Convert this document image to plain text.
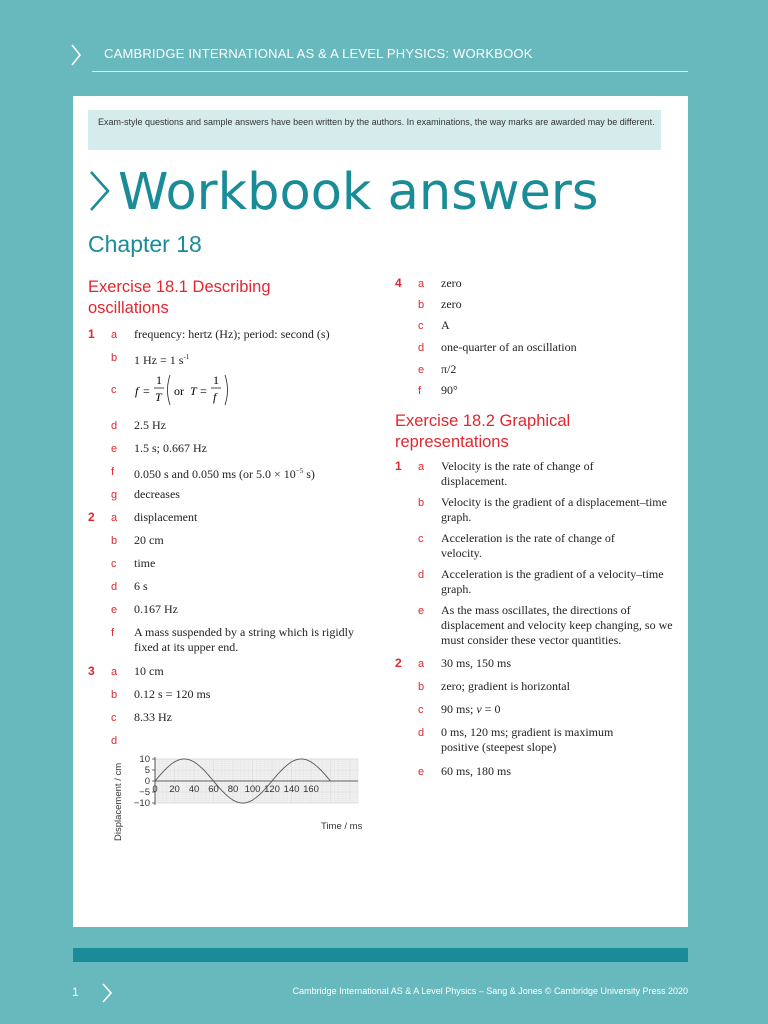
CAMBRIDGE INTERNATIONAL AS & A LEVEL PHYSICS: WORKBOOK
Exam-style questions and sample answers have been written by the authors. In examinations, the way marks are awarded may be different.
Workbook answers
Chapter 18
Exercise 18.1 Describing
oscillations
1 a frequency: hertz (Hz); period: second (s)
b 1 Hz = 1 $s^{-1}$
c f =
1
T or T =
1
f
d 2.5 Hz
e 1.5 s; 0.667 Hz
f 0.050 s and 0.050 ms (or $5.0 \times 10^{-5}$ s)
g decreases
2 a displacement
b 20 cm
c time
d 6 s
e 0.167 Hz
f A mass suspended by a string which is rigidly fixed at its upper end.
3 a 10 cm
b 0.12 s = 120 ms
c 8.33 Hz
d
Displacement / cm	Time / ms
10
5
0
−5
−10
0 20 40 60 80 100 120 140 160
4 a zero
b zero
c A
d one-quarter of an oscillation
e π/2
f 90°
Exercise 18.2 Graphical
representations
1 a Velocity is the rate of change of displacement.
b Velocity is the gradient of a displacement–time graph.
c Acceleration is the rate of change of velocity.
d Acceleration is the gradient of a velocity–time graph.
e As the mass oscillates, the directions of displacement and velocity keep changing, so we must consider these vector quantities.
2 a 30 ms, 150 ms
b zero; gradient is horizontal
c 90 ms; v = 0
d 0 ms, 120 ms; gradient is maximum positive (steepest slope)
e 60 ms, 180 ms
1	Cambridge International AS & A Level Physics – Sang & Jones © Cambridge University Press 2020
